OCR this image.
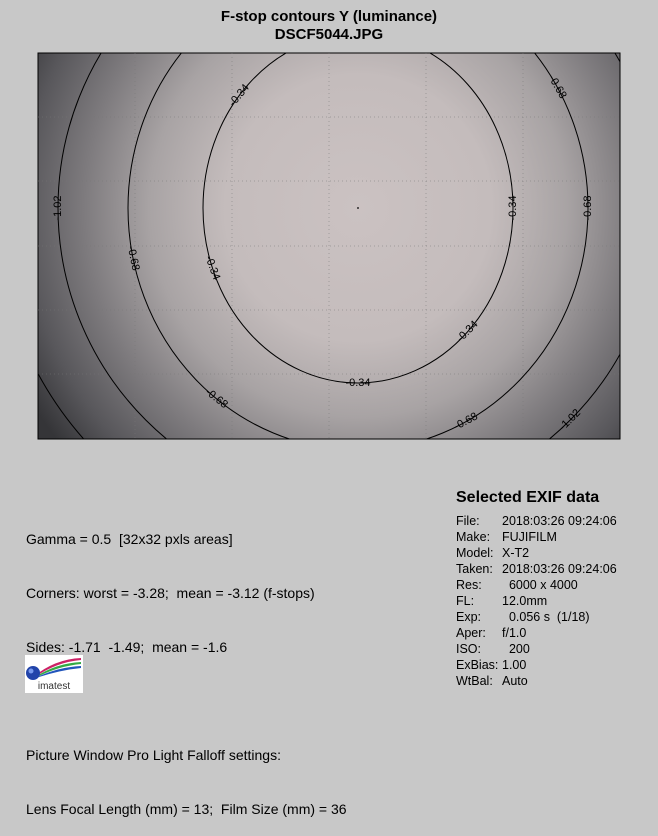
F-stop contours Y (luminance)
DSCF5044.JPG
-0.34
-0.34
-0.34
-0.34
-0.34
-0.68
-0.68
-0.68
-0.68
-0.68
-1.02
-1.02

Gamma = 0.5  [32x32 pxls areas]

Corners: worst = -3.28;  mean = -3.12 (f-stops)

Sides: -1.71  -1.49;  mean = -1.6

Picture Window Pro Light Falloff settings:

Lens Focal Length (mm) = 13;  Film Size (mm) = 36

Selected EXIF data
File:	2018:03:26 09:24:06
Make: FUJIFILM
Model: X-T2
Taken: 2018:03:26 09:24:06
Res:	6000 x 4000
FL:	12.0mm
Exp:	0.056 s  (1/18)
Aper:	f/1.0
ISO:	200
ExBias: 1.00
WtBal: Auto
imatest
